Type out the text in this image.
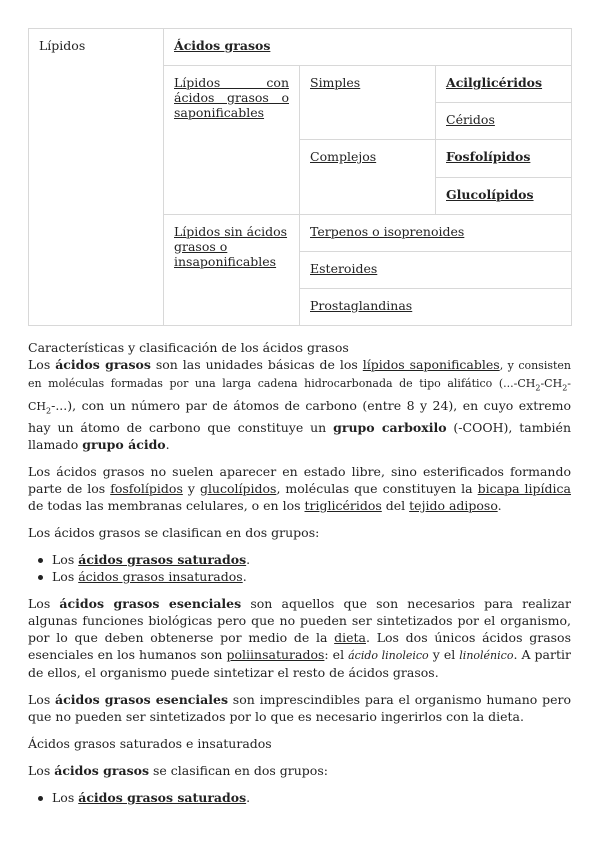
Lípidos	Ácidos grasos		

	Lípidos con ácidos grasos o saponificables	Simples	Acilglicéridos
			Céridos
		Complejos	Fosfolípidos
			Glucolípidos
	Lípidos sin ácidos grasos o insaponificables	Terpenos o isoprenoides	
		Esteroides	
		Prostaglandinas	

Características y clasificación de los ácidos grasos

Los ácidos grasos son las unidades básicas de los lípidos saponificables, y consisten en moléculas formadas por una larga cadena hidrocarbonada de tipo alifático $(...-CH_2-CH_2-CH_2-...)$, con un número par de átomos de carbono (entre 8 y 24), en cuyo extremo hay un átomo de carbono que constituye un grupo carboxilo (-COOH), también llamado grupo ácido.

Los ácidos grasos no suelen aparecer en estado libre, sino esterificados formando parte de los fosfolípidos y glucolípidos, moléculas que constituyen la bicapa lipídica de todas las membranas celulares, o en los triglicéridos del tejido adiposo.

Los ácidos grasos se clasifican en dos grupos:

Los ácidos grasos saturados.
Los ácidos grasos insaturados.

Los ácidos grasos esenciales son aquellos que son necesarios para realizar algunas funciones biológicas pero que no pueden ser sintetizados por el organismo, por lo que deben obtenerse por medio de la dieta. Los dos únicos ácidos grasos esenciales en los humanos son poliinsaturados: el ácido linoleico y el linolénico. A partir de ellos, el organismo puede sintetizar el resto de ácidos grasos.

Los ácidos grasos esenciales son imprescindibles para el organismo humano pero que no pueden ser sintetizados por lo que es necesario ingerirlos con la dieta.

Ácidos grasos saturados e insaturados

Los ácidos grasos se clasifican en dos grupos:

Los ácidos grasos saturados.
